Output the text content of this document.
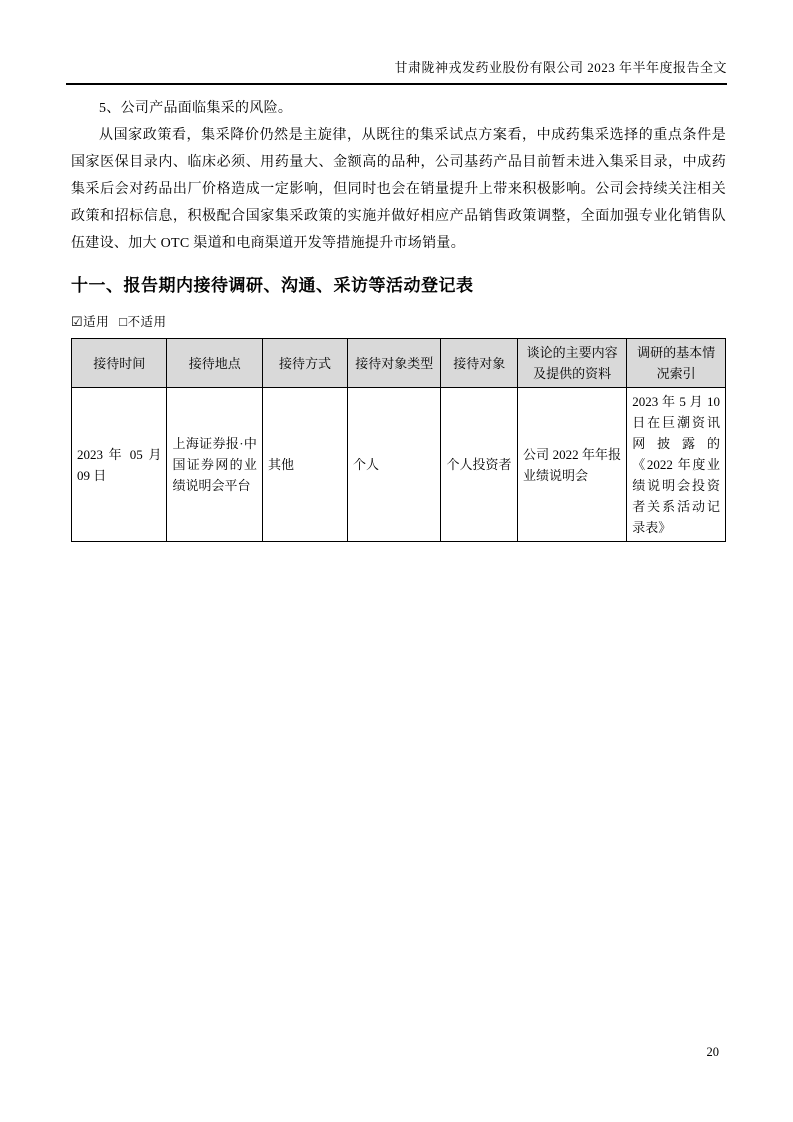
甘肃陇神戎发药业股份有限公司 2023 年半年度报告全文

5、公司产品面临集采的风险。

从国家政策看，集采降价仍然是主旋律，从既往的集采试点方案看，中成药集采选择的重点条件是国家医保目录内、临床必须、用药量大、金额高的品种，公司基药产品目前暂未进入集采目录，中成药集采后会对药品出厂价格造成一定影响，但同时也会在销量提升上带来积极影响。公司会持续关注相关政策和招标信息，积极配合国家集采政策的实施并做好相应产品销售政策调整，全面加强专业化销售队伍建设、加大 OTC 渠道和电商渠道开发等措施提升市场销量。

十一、报告期内接待调研、沟通、采访等活动登记表
☑适用 □不适用
接待时间	接待地点	接待方式	接待对象类型	接待对象	谈论的主要内容及提供的资料	调研的基本情况索引
2023 年 05 月 09 日	上海证券报·中国证券网的业绩说明会平台	其他	个人	个人投资者	公司 2022 年年报业绩说明会	2023 年 5 月 10 日在巨潮资讯网披露的《2022 年度业绩说明会投资者关系活动记录表》
20
